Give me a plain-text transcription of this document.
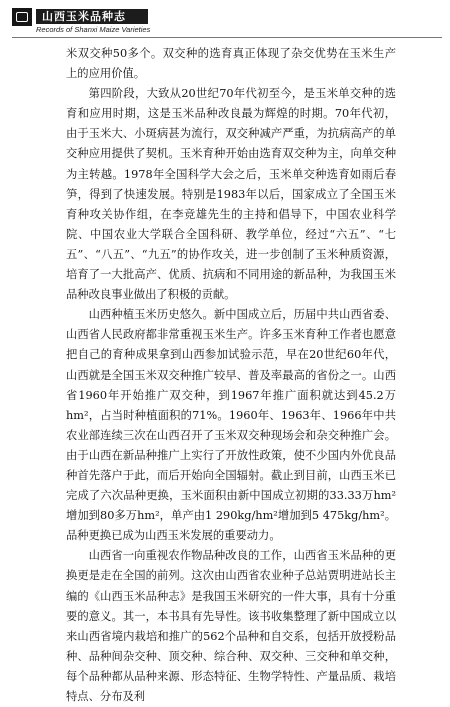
山西玉米品种志
Records of Shanxi Maize Varieties

米双交种50多个。双交种的选育真正体现了杂交优势在玉米生产上的应用价值。

第四阶段，大致从20世纪70年代初至今，是玉米单交种的选育和应用时期，这是玉米品种改良最为辉煌的时期。70年代初，由于玉米大、小斑病甚为流行，双交种减产严重，为抗病高产的单交种应用提供了契机。玉米育种开始由选育双交种为主，向单交种为主转越。1978年全国科学大会之后，玉米单交种选育如雨后春笋，得到了快速发展。特别是1983年以后，国家成立了全国玉米育种攻关协作组，在李竞雄先生的主持和倡导下，中国农业科学院、中国农业大学联合全国科研、教学单位，经过“六五”、“七五”、“八五”、“九五”的协作攻关，进一步创制了玉米种质资源，培育了一大批高产、优质、抗病和不同用途的新品种，为我国玉米品种改良事业做出了积极的贡献。

山西种植玉米历史悠久。新中国成立后，历届中共山西省委、山西省人民政府都非常重视玉米生产。许多玉米育种工作者也愿意把自己的育种成果拿到山西参加试验示范，早在20世纪60年代，山西就是全国玉米双交种推广较早、普及率最高的省份之一。山西省1960年开始推广双交种，到1967年推广面积就达到45.2万hm²，占当时种植面积的71%。1960年、1963年、1966年中共农业部连续三次在山西召开了玉米双交种现场会和杂交种推广会。由于山西在新品种推广上实行了开放性政策，使不少国内外优良品种首先落户于此，而后开始向全国辐射。截止到目前，山西玉米已完成了六次品种更换，玉米面积由新中国成立初期的33.33万hm²增加到80多万hm²，单产由1 290kg/hm²增加到5 475kg/hm²。品种更换已成为山西玉米发展的重要动力。

山西省一向重视农作物品种改良的工作，山西省玉米品种的更换更是走在全国的前列。这次由山西省农业种子总站贾明进站长主编的《山西玉米品种志》是我国玉米研究的一件大事，具有十分重要的意义。其一，本书具有先导性。该书收集整理了新中国成立以来山西省境内栽培和推广的562个品种和自交系，包括开放授粉品种、品种间杂交种、顶交种、综合种、双交种、三交种和单交种，每个品种都从品种来源、形态特征、生物学特性、产量品质、栽培特点、分布及利
